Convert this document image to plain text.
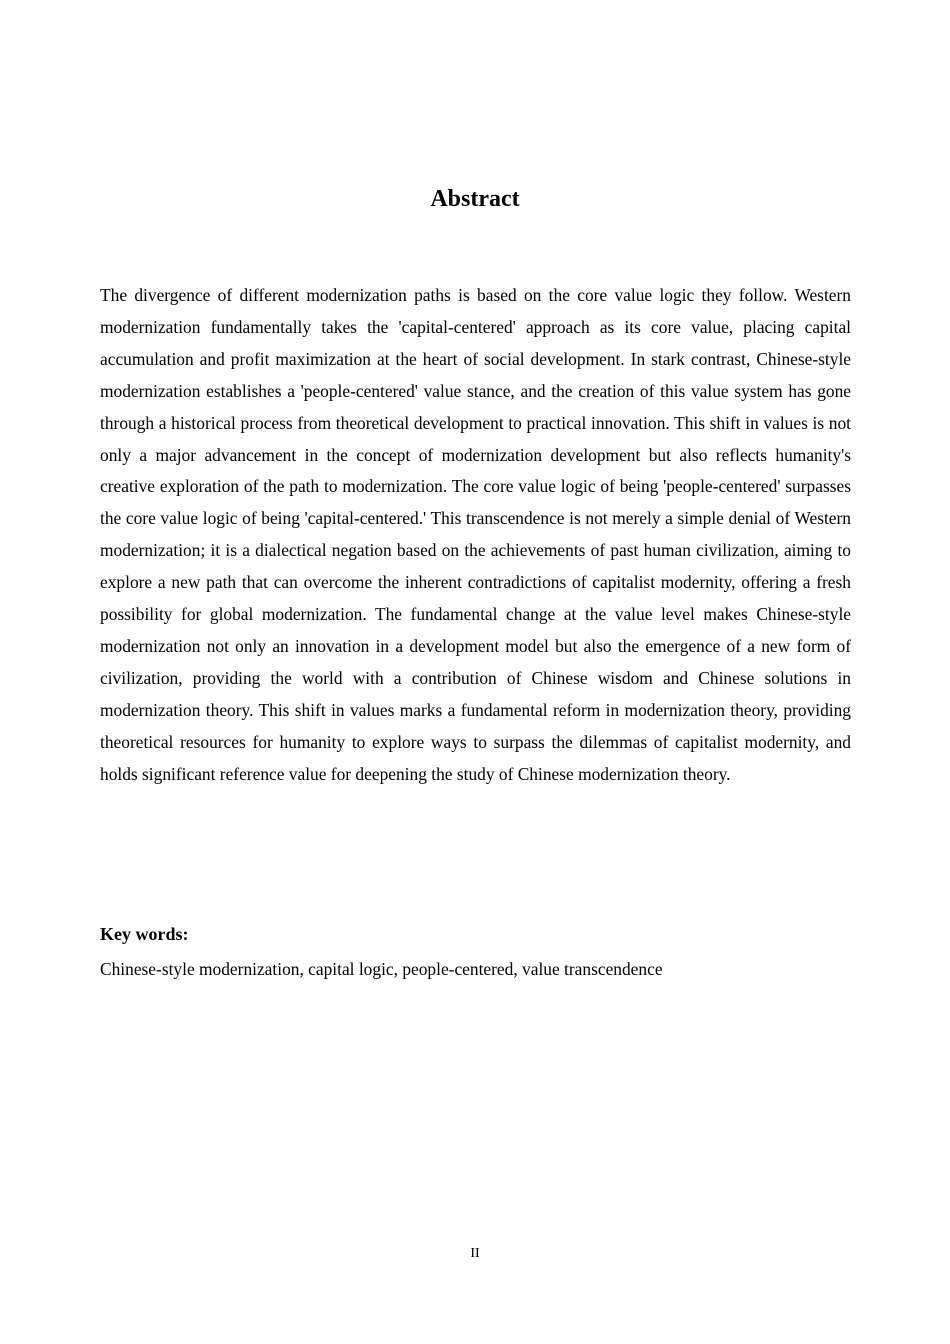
Abstract

The divergence of different modernization paths is based on the core value logic they follow. Western modernization fundamentally takes the 'capital-centered' approach as its core value, placing capital accumulation and profit maximization at the heart of social development. In stark contrast, Chinese-style modernization establishes a 'people-centered' value stance, and the creation of this value system has gone through a historical process from theoretical development to practical innovation. This shift in values is not only a major advancement in the concept of modernization development but also reflects humanity's creative exploration of the path to modernization. The core value logic of being 'people-centered' surpasses the core value logic of being 'capital-centered.' This transcendence is not merely a simple denial of Western modernization; it is a dialectical negation based on the achievements of past human civilization, aiming to explore a new path that can overcome the inherent contradictions of capitalist modernity, offering a fresh possibility for global modernization. The fundamental change at the value level makes Chinese-style modernization not only an innovation in a development model but also the emergence of a new form of civilization, providing the world with a contribution of Chinese wisdom and Chinese solutions in modernization theory. This shift in values marks a fundamental reform in modernization theory, providing theoretical resources for humanity to explore ways to surpass the dilemmas of capitalist modernity, and holds significant reference value for deepening the study of Chinese modernization theory.

Key words:

Chinese-style modernization, capital logic, people-centered, value transcendence

II
